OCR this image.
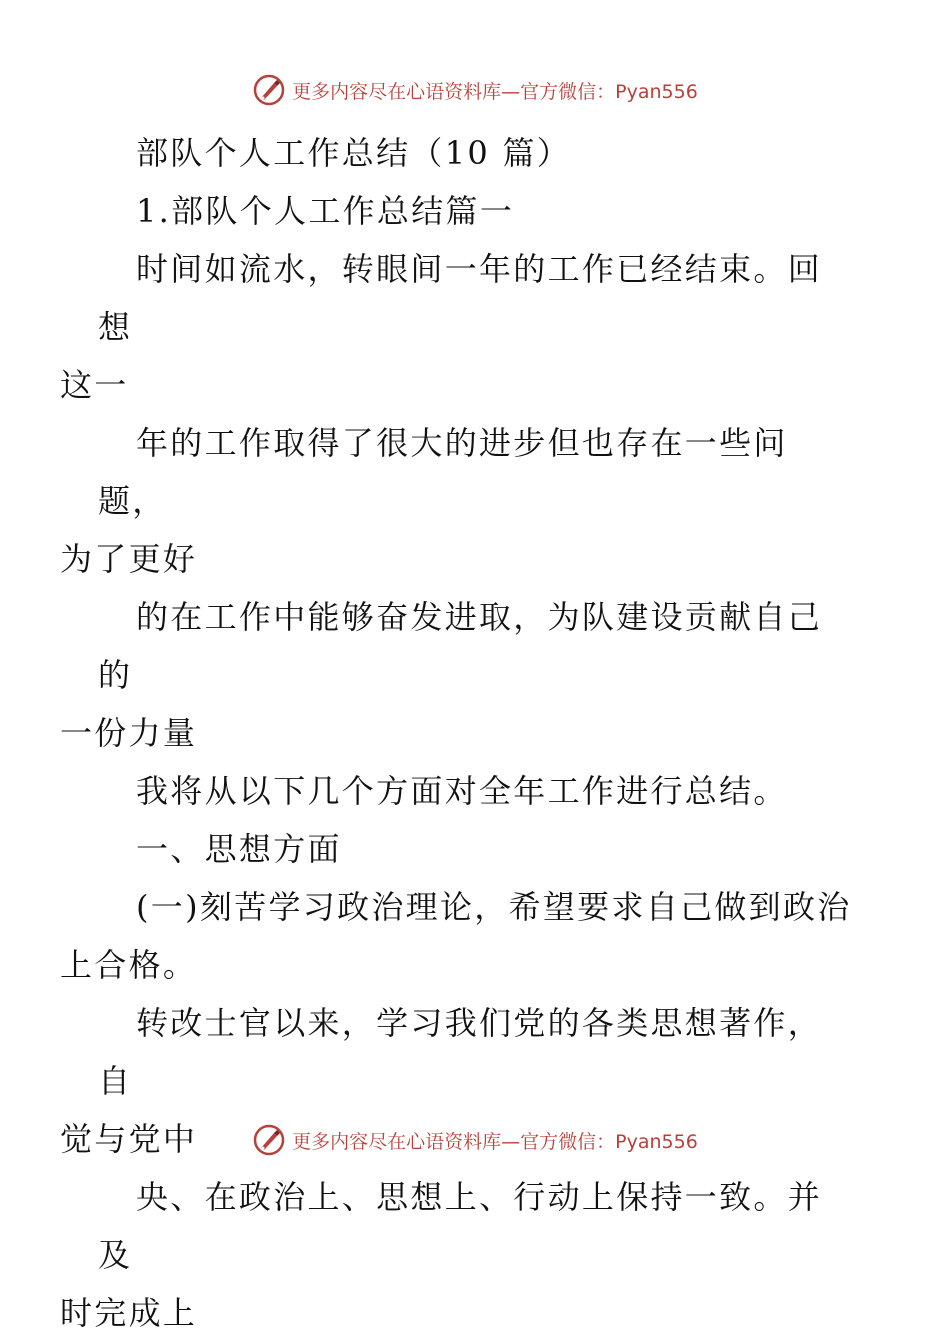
更多内容尽在心语资料库—官方微信：Pyan556

部队个人工作总结（10 篇）

1.部队个人工作总结篇一

时间如流水，转眼间一年的工作已经结束。回想
这一

年的工作取得了很大的进步但也存在一些问题，
为了更好

的在工作中能够奋发进取，为队建设贡献自己的
一份力量

我将从以下几个方面对全年工作进行总结。

一、思想方面

(一)刻苦学习政治理论，希望要求自己做到政治
上合格。

转改士官以来，学习我们党的各类思想著作，自
觉与党中

央、在政治上、思想上、行动上保持一致。并及
时完成上

更多内容尽在心语资料库—官方微信：Pyan556
